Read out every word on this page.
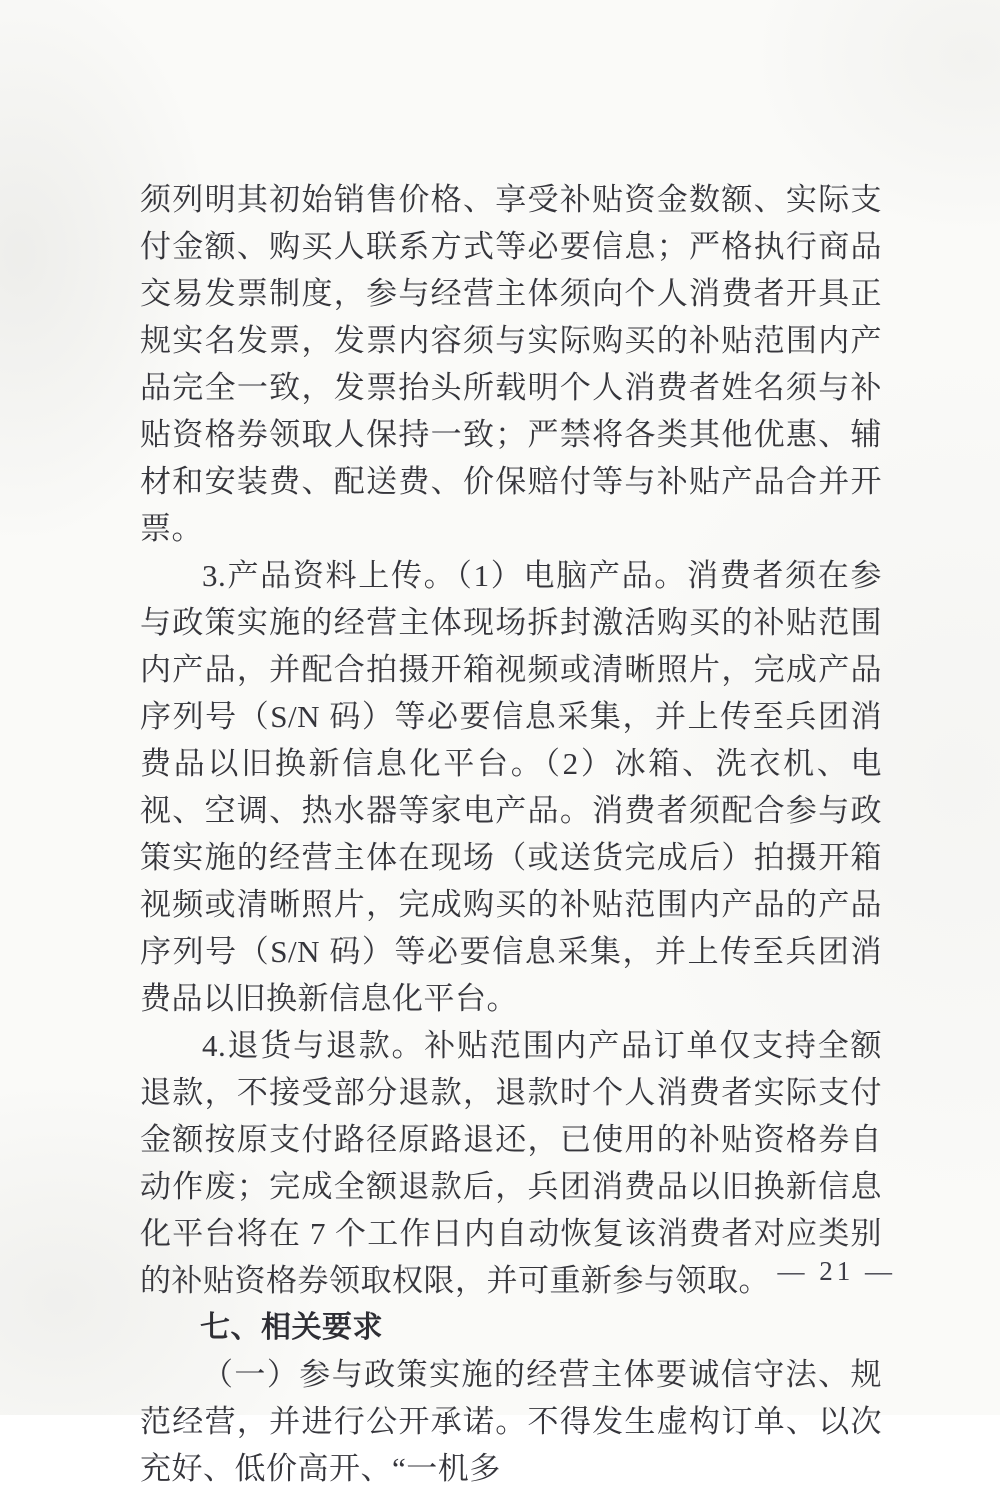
须列明其初始销售价格、享受补贴资金数额、实际支付金额、购买人联系方式等必要信息；严格执行商品交易发票制度，参与经营主体须向个人消费者开具正规实名发票，发票内容须与实际购买的补贴范围内产品完全一致，发票抬头所载明个人消费者姓名须与补贴资格券领取人保持一致；严禁将各类其他优惠、辅材和安装费、配送费、价保赔付等与补贴产品合并开票。

3.产品资料上传。（1）电脑产品。消费者须在参与政策实施的经营主体现场拆封激活购买的补贴范围内产品，并配合拍摄开箱视频或清晰照片，完成产品序列号（S/N 码）等必要信息采集，并上传至兵团消费品以旧换新信息化平台。（2）冰箱、洗衣机、电视、空调、热水器等家电产品。消费者须配合参与政策实施的经营主体在现场（或送货完成后）拍摄开箱视频或清晰照片，完成购买的补贴范围内产品的产品序列号（S/N 码）等必要信息采集，并上传至兵团消费品以旧换新信息化平台。

4.退货与退款。补贴范围内产品订单仅支持全额退款，不接受部分退款，退款时个人消费者实际支付金额按原支付路径原路退还，已使用的补贴资格券自动作废；完成全额退款后，兵团消费品以旧换新信息化平台将在 7 个工作日内自动恢复该消费者对应类别的补贴资格券领取权限，并可重新参与领取。

七、相关要求

（一）参与政策实施的经营主体要诚信守法、规范经营，并进行公开承诺。不得发生虚构订单、以次充好、低价高开、“一机多

— 21 —
